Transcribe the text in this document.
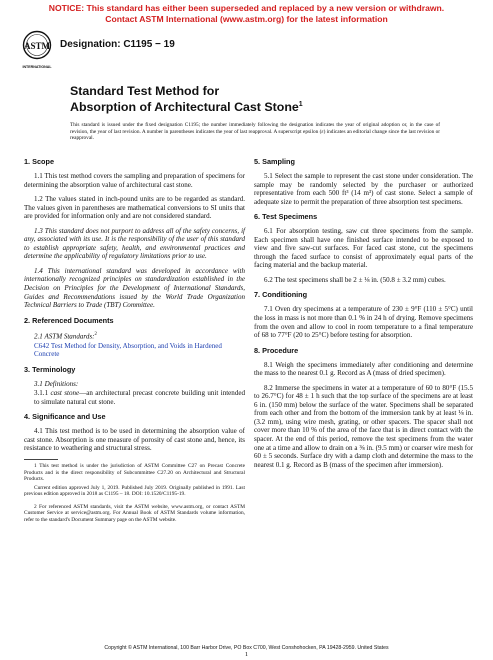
NOTICE: This standard has either been superseded and replaced by a new version or withdrawn.
Contact ASTM International (www.astm.org) for the latest information
ASTM
INTERNATIONAL
Designation: C1195 − 19
Standard Test Method for
Absorption of Architectural Cast Stone$^1$
This standard is issued under the fixed designation C1195; the number immediately following the designation indicates the year of original adoption or, in the case of revision, the year of last revision. A number in parentheses indicates the year of last reapproval. A superscript epsilon (ε) indicates an editorial change since the last revision or reapproval.
1. Scope

1.1 This test method covers the sampling and preparation of specimens for determining the absorption value of architectural cast stone.

1.2 The values stated in inch-pound units are to be regarded as standard. The values given in parentheses are mathematical conversions to SI units that are provided for information only and are not considered standard.

1.3 This standard does not purport to address all of the safety concerns, if any, associated with its use. It is the responsibility of the user of this standard to establish appropriate safety, health, and environmental practices and determine the applicability of regulatory limitations prior to use.

1.4 This international standard was developed in accordance with internationally recognized principles on standardization established in the Decision on Principles for the Development of International Standards, Guides and Recommendations issued by the World Trade Organization Technical Barriers to Trade (TBT) Committee.

2. Referenced Documents

2.1 ASTM Standards:$^2$

C642 Test Method for Density, Absorption, and Voids in Hardened Concrete
3. Terminology

3.1 Definitions:

3.1.1 cast stone—an architectural precast concrete building unit intended to simulate natural cut stone.

4. Significance and Use

4.1 This test method is to be used in determining the absorption value of cast stone. Absorption is one measure of porosity of cast stone and, hence, its resistance to weathering and structural stress.

1 This test method is under the jurisdiction of ASTM Committee C27 on Precast Concrete Products and is the direct responsibility of Subcommittee C27.20 on Architectural and Structural Products.

Current edition approved July 1, 2019. Published July 2019. Originally published in 1991. Last previous edition approved in 2018 as C1195 – 18. DOI: 10.1520/C1195-19.

2 For referenced ASTM standards, visit the ASTM website, www.astm.org, or contact ASTM Customer Service at service@astm.org. For Annual Book of ASTM Standards volume information, refer to the standard's Document Summary page on the ASTM website.

5. Sampling

5.1 Select the sample to represent the cast stone under consideration. The sample may be randomly selected by the purchaser or authorized representative from each 500 ft³ (14 m³) of cast stone. Select a sample of adequate size to permit the preparation of three absorption test specimens.

6. Test Specimens

6.1 For absorption testing, saw cut three specimens from the sample. Each specimen shall have one finished surface intended to be exposed to view and five saw-cut surfaces. For faced cast stone, cut the specimens through the faced surface to consist of approximately equal parts of the facing material and the backup material.

6.2 The test specimens shall be 2 ± ⅛ in. (50.8 ± 3.2 mm) cubes.

7. Conditioning

7.1 Oven dry specimens at a temperature of 230 ± 9°F (110 ± 5°C) until the loss in mass is not more than 0.1 % in 24 h of drying. Remove specimens from the oven and allow to cool in room temperature to a final temperature of 68 to 77°F (20 to 25°C) before testing for absorption.

8. Procedure

8.1 Weigh the specimens immediately after conditioning and determine the mass to the nearest 0.1 g. Record as A (mass of dried specimen).

8.2 Immerse the specimens in water at a temperature of 60 to 80°F (15.5 to 26.7°C) for 48 ± 1 h such that the top surface of the specimens are at least 6 in. (150 mm) below the surface of the water. Specimens shall be separated from each other and from the bottom of the immersion tank by at least ⅛ in. (3.2 mm), using wire mesh, grating, or other spacers. The spacer shall not cover more than 10 % of the area of the face that is in direct contact with the spacer. At the end of this period, remove the test specimens from the water one at a time and allow to drain on a ⅜ in. (9.5 mm) or coarser wire mesh for 60 ± 5 seconds. Surface dry with a damp cloth and determine the mass to the nearest 0.1 g. Record as B (mass of the specimen after immersion).

Copyright © ASTM International, 100 Barr Harbor Drive, PO Box C700, West Conshohocken, PA 19428-2959. United States
1
